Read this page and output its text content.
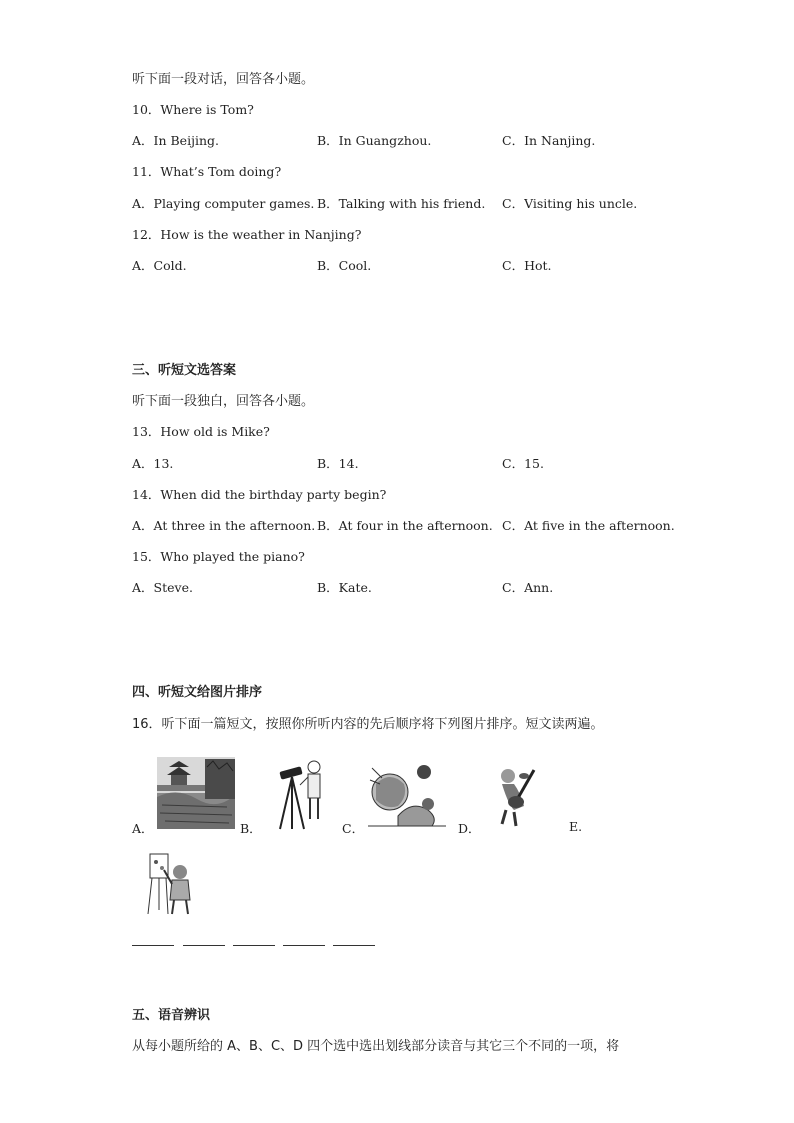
听下面一段对话，回答各小题。
10．Where is Tom?
A．In Beijing.	B．In Guangzhou.	C．In Nanjing.
11．What’s Tom doing?
A．Playing computer games. B．Talking with his friend. C．Visiting his uncle.
12．How is the weather in Nanjing?
A．Cold.	B．Cool.	C．Hot.
三、听短文选答案
听下面一段独白，回答各小题。
13．How old is Mike?
A．13.	B．14.	C．15.
14．When did the birthday party begin?
A．At three in the afternoon. B．At four in the afternoon. C．At five in the afternoon.
15．Who played the piano?
A．Steve.	B．Kate.	C．Ann.
四、听短文给图片排序
16．听下面一篇短文，按照你所听内容的先后顺序将下列图片排序。短文读两遍。
A．	B．	C．	D．	E.
五、语音辨识
从每小题所给的 A、B、C、D 四个选中选出划线部分读音与其它三个不同的一项，将
